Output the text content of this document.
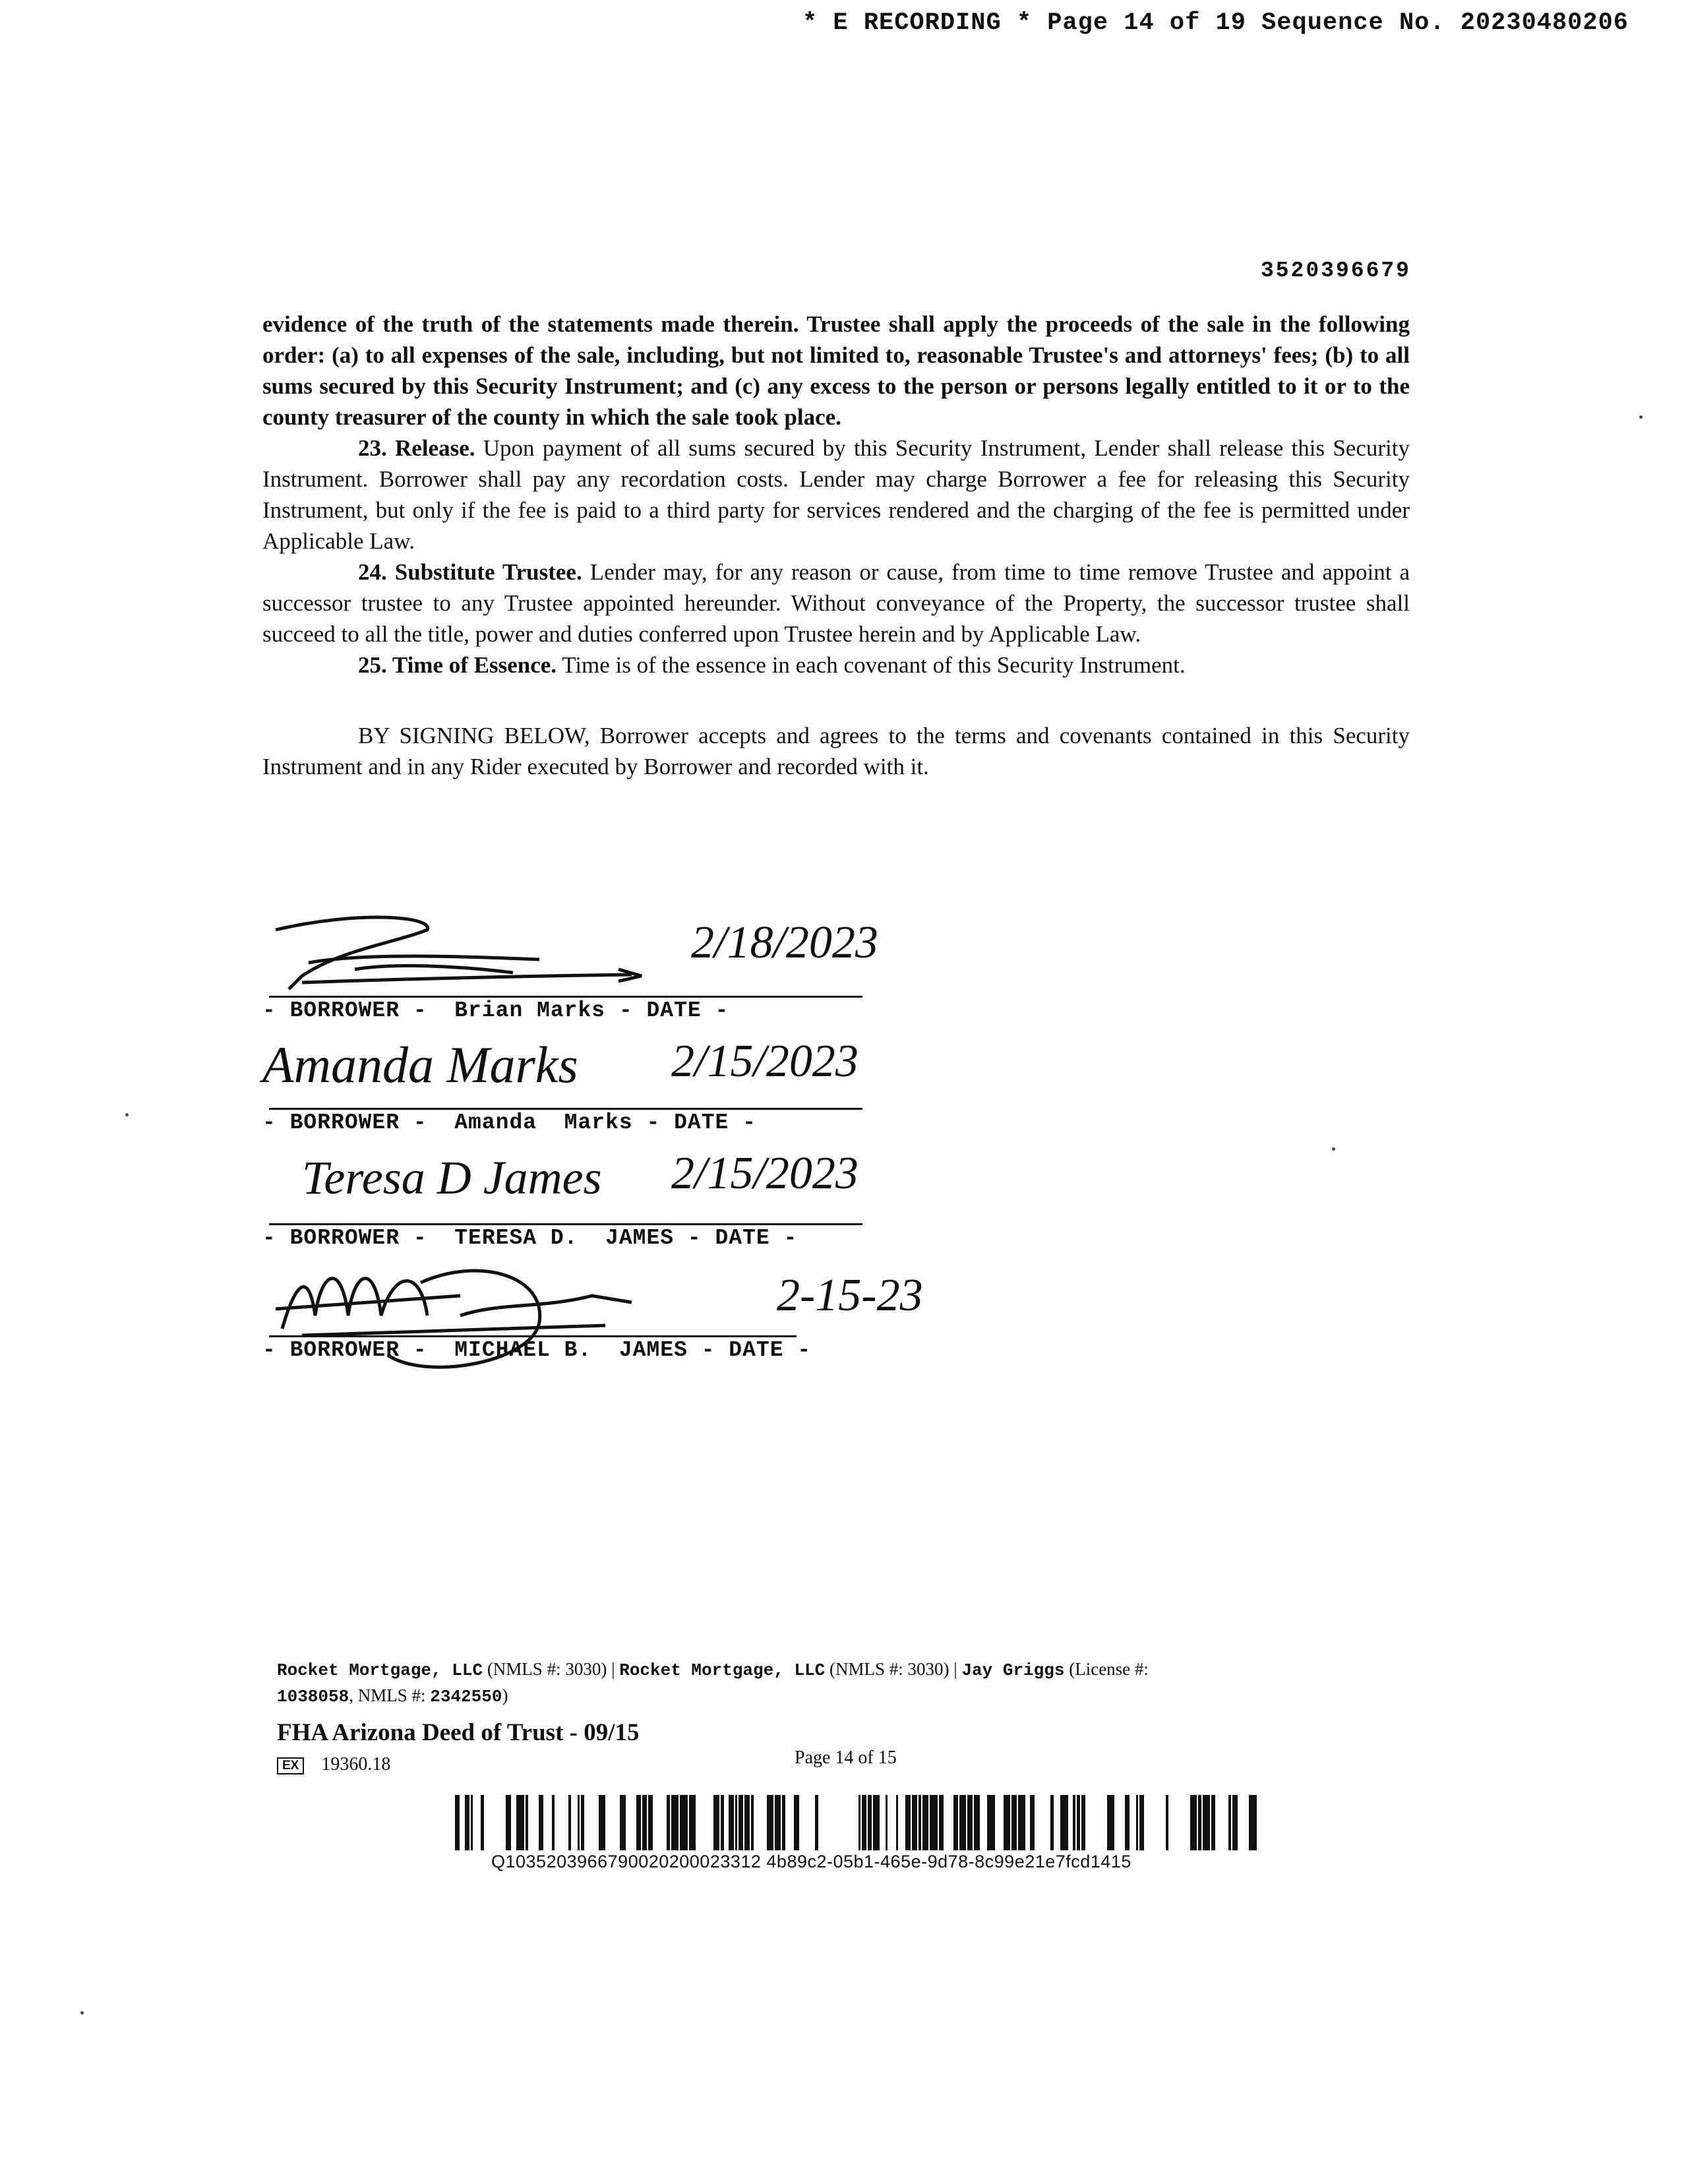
* E RECORDING * Page 14 of 19 Sequence No. 20230480206
3520396679

evidence of the truth of the statements made therein. Trustee shall apply the proceeds of the sale in the following order: (a) to all expenses of the sale, including, but not limited to, reasonable Trustee's and attorneys' fees; (b) to all sums secured by this Security Instrument; and (c) any excess to the person or persons legally entitled to it or to the county treasurer of the county in which the sale took place.

23. Release. Upon payment of all sums secured by this Security Instrument, Lender shall release this Security Instrument. Borrower shall pay any recordation costs. Lender may charge Borrower a fee for releasing this Security Instrument, but only if the fee is paid to a third party for services rendered and the charging of the fee is permitted under Applicable Law.

24. Substitute Trustee. Lender may, for any reason or cause, from time to time remove Trustee and appoint a successor trustee to any Trustee appointed hereunder. Without conveyance of the Property, the successor trustee shall succeed to all the title, power and duties conferred upon Trustee herein and by Applicable Law.

25. Time of Essence. Time is of the essence in each covenant of this Security Instrument.

BY SIGNING BELOW, Borrower accepts and agrees to the terms and covenants contained in this Security Instrument and in any Rider executed by Borrower and recorded with it.

2/18/2023
- BORROWER -  Brian Marks - DATE -
Amanda Marks 2/15/2023
- BORROWER -  Amanda  Marks - DATE -
Teresa D James 2/15/2023
- BORROWER -  TERESA D.  JAMES - DATE -
2-15-23
- BORROWER -  MICHAEL B.  JAMES - DATE -
Rocket Mortgage, LLC (NMLS #: 3030) | Rocket Mortgage, LLC (NMLS #: 3030) | Jay Griggs (License #:
1038058, NMLS #: 2342550)
FHA Arizona Deed of Trust - 09/15
EX 19360.18	Page 14 of 15
Q1035203966790020200023312 4b89c2-05b1-465e-9d78-8c99e21e7fcd1415
